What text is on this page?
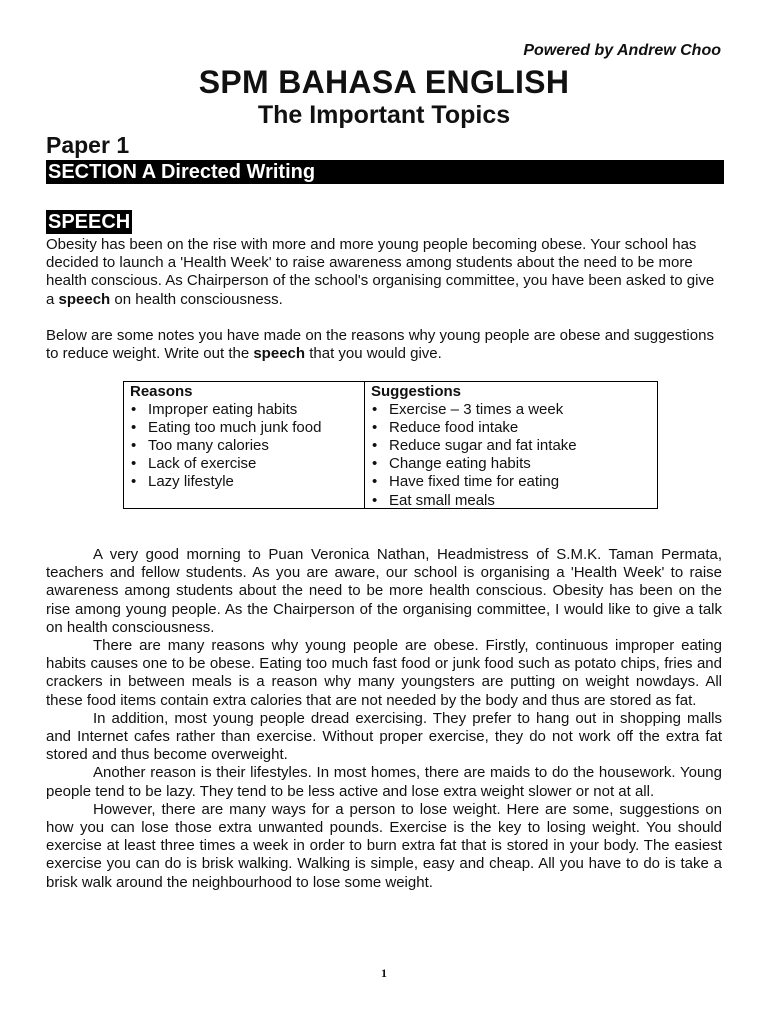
Powered by Andrew Choo
SPM BAHASA ENGLISH
The Important Topics
Paper 1
SECTION A Directed Writing
SPEECH
Obesity has been on the rise with more and more young people becoming obese. Your school has decided to launch a 'Health Week' to raise awareness among students about the need to be more health conscious. As Chairperson of the school's organising committee, you have been asked to give a speech on health consciousness.
Below are some notes you have made on the reasons why young people are obese and suggestions to reduce weight. Write out the speech that you would give.
Reasons
• Improper eating habits
• Eating too much junk food
• Too many calories
• Lack of exercise
• Lazy lifestyle
Suggestions
• Exercise – 3 times a week
• Reduce food intake
• Reduce sugar and fat intake
• Change eating habits
• Have fixed time for eating
• Eat small meals

A very good morning to Puan Veronica Nathan, Headmistress of S.M.K. Taman Permata, teachers and fellow students. As you are aware, our school is organising a 'Health Week' to raise awareness among students about the need to be more health conscious. Obesity has been on the rise among young people. As the Chairperson of the organising committee, I would like to give a talk on health consciousness.

There are many reasons why young people are obese. Firstly, continuous improper eating habits causes one to be obese. Eating too much fast food or junk food such as potato chips, fries and crackers in between meals is a reason why many youngsters are putting on weight nowdays. All these food items contain extra calories that are not needed by the body and thus are stored as fat.

In addition, most young people dread exercising. They prefer to hang out in shopping malls and Internet cafes rather than exercise. Without proper exercise, they do not work off the extra fat stored and thus become overweight.

Another reason is their lifestyles. In most homes, there are maids to do the housework. Young people tend to be lazy. They tend to be less active and lose extra weight slower or not at all.

However, there are many ways for a person to lose weight. Here are some, suggestions on how you can lose those extra unwanted pounds. Exercise is the key to losing weight. You should exercise at least three times a week in order to burn extra fat that is stored in your body. The easiest exercise you can do is brisk walking. Walking is simple, easy and cheap. All you have to do is take a brisk walk around the neighbourhood to lose some weight.

1
